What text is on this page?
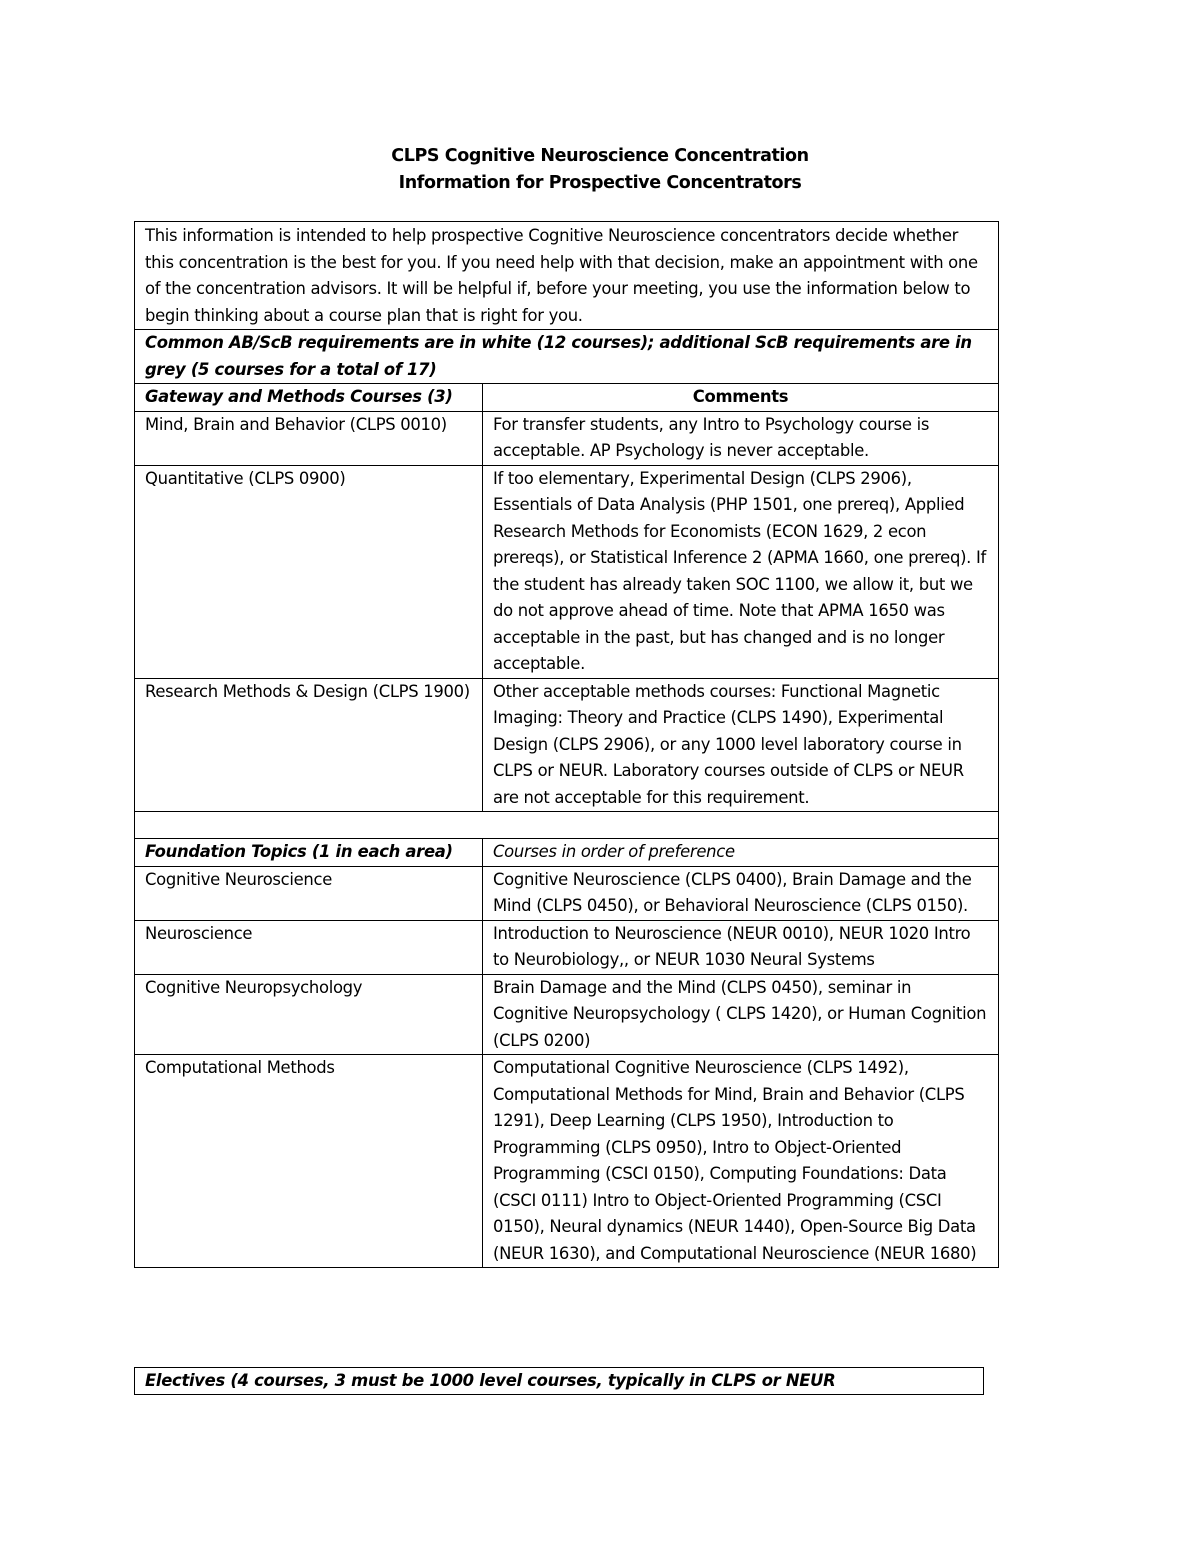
CLPS Cognitive Neuroscience Concentration
Information for Prospective Concentrators
This information is intended to help prospective Cognitive Neuroscience concentrators decide whether this concentration is the best for you. If you need help with that decision, make an appointment with one of the concentration advisors. It will be helpful if, before your meeting, you use the information below to begin thinking about a course plan that is right for you.	
Common AB/ScB requirements are in white (12 courses); additional ScB requirements are in grey (5 courses for a total of 17)	
Gateway and Methods Courses (3)	Comments
Mind, Brain and Behavior (CLPS 0010)	For transfer students, any Intro to Psychology course is acceptable. AP Psychology is never acceptable.
Quantitative (CLPS 0900)	If too elementary, Experimental Design (CLPS 2906), Essentials of Data Analysis (PHP 1501, one prereq), Applied Research Methods for Economists (ECON 1629, 2 econ prereqs), or Statistical Inference 2 (APMA 1660, one prereq). If the student has already taken SOC 1100, we allow it, but we do not approve ahead of time. Note that APMA 1650 was acceptable in the past, but has changed and is no longer acceptable.
Research Methods & Design (CLPS 1900)	Other acceptable methods courses: Functional Magnetic Imaging: Theory and Practice (CLPS 1490), Experimental Design (CLPS 2906), or any 1000 level laboratory course in CLPS or NEUR. Laboratory courses outside of CLPS or NEUR are not acceptable for this requirement.

Foundation Topics (1 in each area)	Courses in order of preference
Cognitive Neuroscience	Cognitive Neuroscience (CLPS 0400), Brain Damage and the Mind (CLPS 0450), or Behavioral Neuroscience (CLPS 0150).
Neuroscience	Introduction to Neuroscience (NEUR 0010), NEUR 1020 Intro to Neurobiology,, or NEUR 1030 Neural Systems
Cognitive Neuropsychology	Brain Damage and the Mind (CLPS 0450), seminar in Cognitive Neuropsychology ( CLPS 1420), or Human Cognition (CLPS 0200)
Computational Methods	Computational Cognitive Neuroscience (CLPS 1492), Computational Methods for Mind, Brain and Behavior (CLPS 1291), Deep Learning (CLPS 1950), Introduction to Programming (CLPS 0950), Intro to Object-Oriented Programming (CSCI 0150), Computing Foundations: Data (CSCI 0111) Intro to Object-Oriented Programming (CSCI 0150), Neural dynamics (NEUR 1440), Open-Source Big Data (NEUR 1630), and Computational Neuroscience (NEUR 1680)
Electives (4 courses, 3 must be 1000 level courses, typically in CLPS or NEUR
